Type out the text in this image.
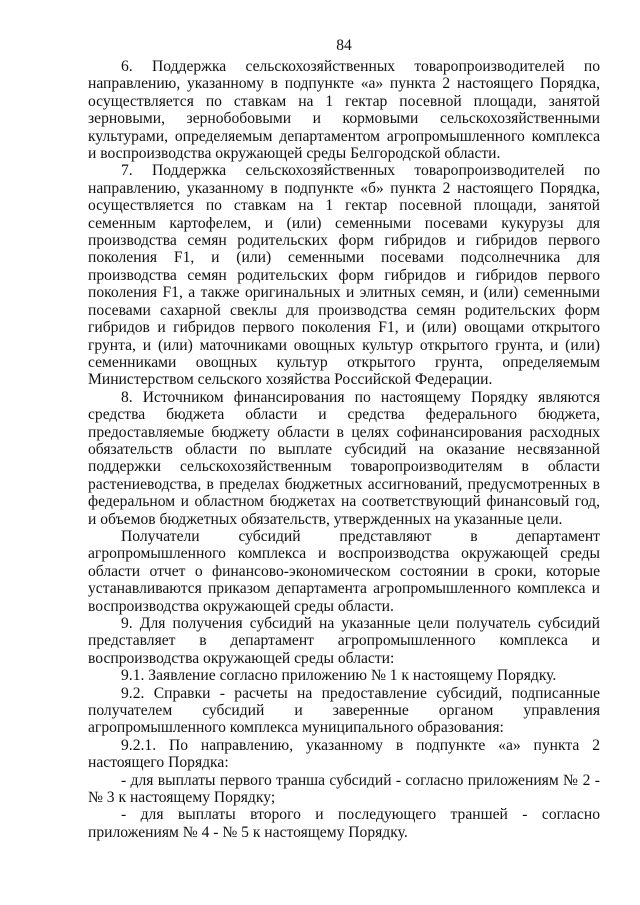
84

6. Поддержка сельскохозяйственных товаропроизводителей по направлению, указанному в подпункте «а» пункта 2 настоящего Порядка, осуществляется по ставкам на 1 гектар посевной площади, занятой зерновыми, зернобобовыми и кормовыми сельскохозяйственными культурами, определяемым департаментом агропромышленного комплекса и воспроизводства окружающей среды Белгородской области.

7. Поддержка сельскохозяйственных товаропроизводителей по направлению, указанному в подпункте «б» пункта 2 настоящего Порядка, осуществляется по ставкам на 1 гектар посевной площади, занятой семенным картофелем, и (или) семенными посевами кукурузы для производства семян родительских форм гибридов и гибридов первого поколения F1, и (или) семенными посевами подсолнечника для производства семян родительских форм гибридов и гибридов первого поколения F1, а также оригинальных и элитных семян, и (или) семенными посевами сахарной свеклы для производства семян родительских форм гибридов и гибридов первого поколения F1, и (или) овощами открытого грунта, и (или) маточниками овощных культур открытого грунта, и (или) семенниками овощных культур открытого грунта, определяемым Министерством сельского хозяйства Российской Федерации.

8. Источником финансирования по настоящему Порядку являются средства бюджета области и средства федерального бюджета, предоставляемые бюджету области в целях софинансирования расходных обязательств области по выплате субсидий на оказание несвязанной поддержки сельскохозяйственным товаропроизводителям в области растениеводства, в пределах бюджетных ассигнований, предусмотренных в федеральном и областном бюджетах на соответствующий финансовый год, и объемов бюджетных обязательств, утвержденных на указанные цели.

Получатели субсидий представляют в департамент агропромышленного комплекса и воспроизводства окружающей среды области отчет о финансово-экономическом состоянии в сроки, которые устанавливаются приказом департамента агропромышленного комплекса и воспроизводства окружающей среды области.

9. Для получения субсидий на указанные цели получатель субсидий представляет в департамент агропромышленного комплекса и воспроизводства окружающей среды области:

9.1. Заявление согласно приложению № 1 к настоящему Порядку.

9.2. Справки - расчеты на предоставление субсидий, подписанные получателем субсидий и заверенные органом управления агропромышленного комплекса муниципального образования:

9.2.1. По направлению, указанному в подпункте «а» пункта 2 настоящего Порядка:

- для выплаты первого транша субсидий - согласно приложениям № 2 - № 3 к настоящему Порядку;

- для выплаты второго и последующего траншей - согласно приложениям № 4 - № 5 к настоящему Порядку.
